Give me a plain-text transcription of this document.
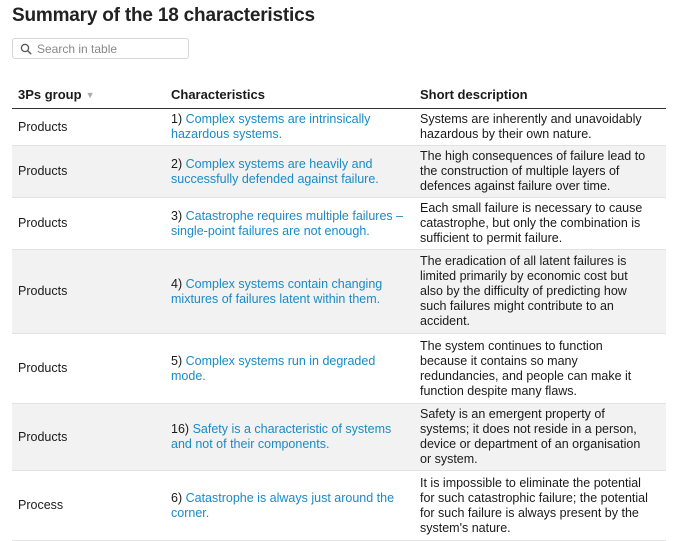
Summary of the 18 characteristics
Search in table
3Ps group ▼	Characteristics	Short description
Products	1) Complex systems are intrinsically hazardous systems.	Systems are inherently and unavoidably hazardous by their own nature.
Products	2) Complex systems are heavily and successfully defended against failure.	The high consequences of failure lead to the construction of multiple layers of defences against failure over time.
Products	3) Catastrophe requires multiple failures – single-point failures are not enough.	Each small failure is necessary to cause catastrophe, but only the combination is sufficient to permit failure.
Products	4) Complex systems contain changing mixtures of failures latent within them.	The eradication of all latent failures is limited primarily by economic cost but also by the difficulty of predicting how such failures might contribute to an accident.
Products	5) Complex systems run in degraded mode.	The system continues to function because it contains so many redundancies, and people can make it function despite many flaws.
Products	16) Safety is a characteristic of systems and not of their components.	Safety is an emergent property of systems; it does not reside in a person, device or department of an organisation or system.
Process	6) Catastrophe is always just around the corner.	It is impossible to eliminate the potential for such catastrophic failure; the potential for such failure is always present by the system's nature.
